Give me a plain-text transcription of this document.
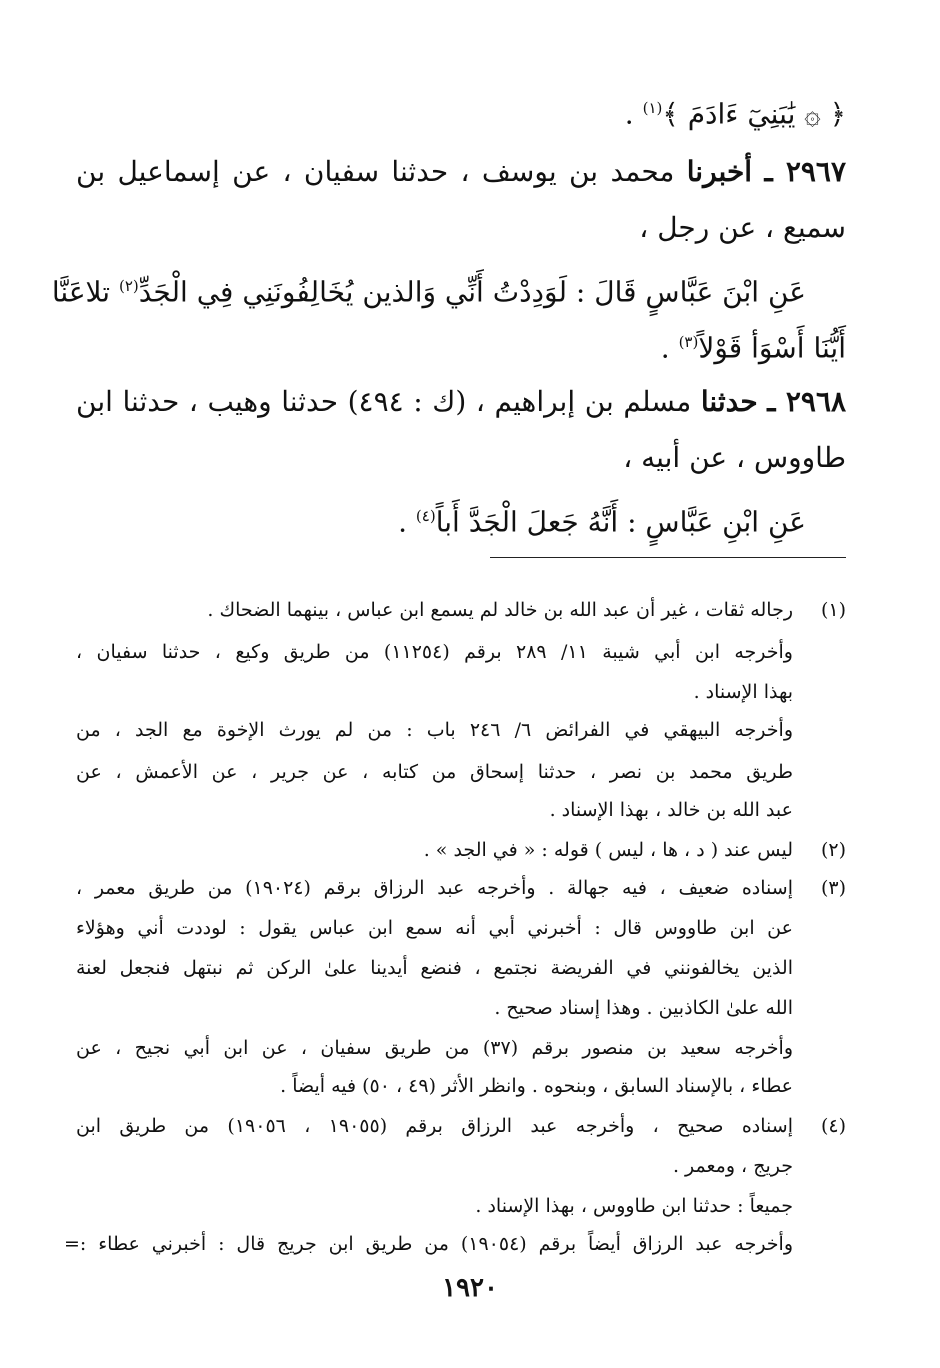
﴿ ۞ يَٰبَنِيٓ ءَادَمَ ﴾$^{(١)}$ .
٢٩٦٧ ـ أخبرنا محمد بن يوسف ، حدثنا سفيان ، عن إسماعيل بن
سميع ، عن رجل ،
عَنِ ابْنَ عَبَّاسٍ قَالَ : لَوَدِدْتُ أَنِّي وَالذين يُخَالِفُونَنِي فِي الْجَدِّ$^{(٢)}$ تلاعَنَّا
أَيُّنَا أَسْوَأ قَوْلاً$^{(٣)}$ .
٢٩٦٨ ـ حدثنا مسلم بن إبراهيم ، (ك : ٤٩٤) حدثنا وهيب ، حدثنا ابن
طاووس ، عن أبيه ،
عَنِ ابْنِ عَبَّاسٍ : أَنَّهُ جَعلَ الْجَدَّ أَباً$^{(٤)}$ .
(١)
رجاله ثقات ، غير أن عبد الله بن خالد لم يسمع ابن عباس ، بينهما الضحاك .
وأخرجه ابن أبي شيبة ١١/ ٢٨٩ برقم (١١٢٥٤) من طريق وكيع ، حدثنا سفيان ،
بهذا الإسناد .
وأخرجه البيهقي في الفرائض ٦/ ٢٤٦ باب : من لم يورث الإخوة مع الجد ، من
طريق محمد بن نصر ، حدثنا إسحاق من كتابه ، عن جرير ، عن الأعمش ، عن
عبد الله بن خالد ، بهذا الإسناد .
(٢)
ليس عند ( د ، ها ، ليس ) قوله : « في الجد » .
(٣)
إسناده ضعيف ، فيه جهالة . وأخرجه عبد الرزاق برقم (١٩٠٢٤) من طريق معمر ،
عن ابن طاووس قال : أخبرني أبي أنه سمع ابن عباس يقول : لوددت أني وهؤلاء
الذين يخالفونني في الفريضة نجتمع ، فنضع أيدينا علىٰ الركن ثم نبتهل فنجعل لعنة
الله علىٰ الكاذبين . وهذا إسناد صحيح .
وأخرجه سعيد بن منصور برقم (٣٧) من طريق سفيان ، عن ابن أبي نجيح ، عن
عطاء ، بالإسناد السابق ، وبنحوه . وانظر الأثر (٤٩ ، ٥٠) فيه أيضاً .
(٤)
إسناده صحيح ، وأخرجه عبد الرزاق برقم (١٩٠٥٥ ، ١٩٠٥٦) من طريق ابن
جريج ، ومعمر .
جميعاً : حدثنا ابن طاووس ، بهذا الإسناد .
وأخرجه عبد الرزاق أيضاً برقم (١٩٠٥٤) من طريق ابن جريج قال : أخبرني عطاء :=
١٩٢٠
